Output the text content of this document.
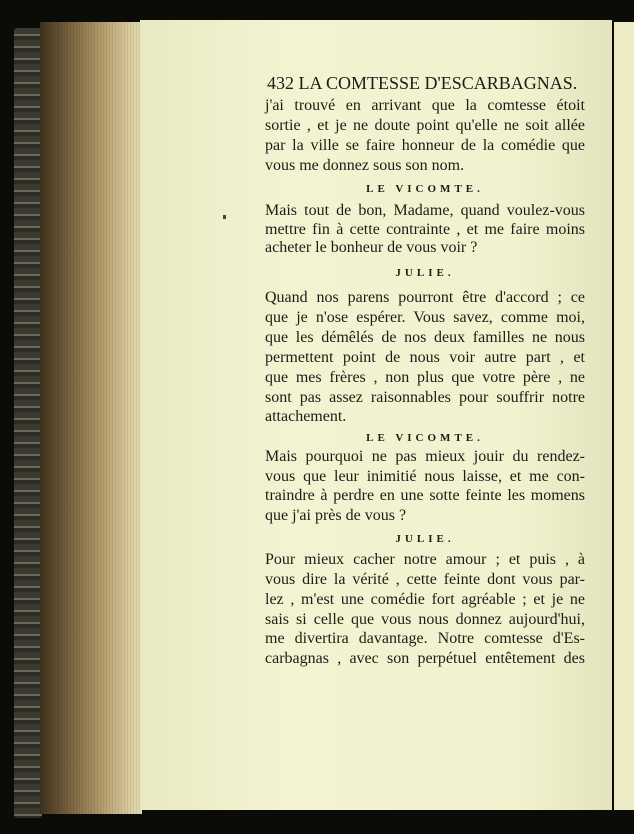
432 LA COMTESSE D'ESCARBAGNAS.
j'ai trouvé en arrivant que la comtesse étoit
sortie , et je ne doute point qu'elle ne soit allée
par la ville se faire honneur de la comédie que
vous me donnez sous son nom.
LE VICOMTE.
Mais tout de bon, Madame, quand voulez-vous
mettre fin à cette contrainte , et me faire moins
acheter le bonheur de vous voir ?
JULIE.
Quand nos parens pourront être d'accord ; ce
que je n'ose espérer. Vous savez, comme moi,
que les démêlés de nos deux familles ne nous
permettent point de nous voir autre part , et
que mes frères , non plus que votre père , ne
sont pas assez raisonnables pour souffrir notre
attachement.
LE VICOMTE.
Mais pourquoi ne pas mieux jouir du rendez-
vous que leur inimitié nous laisse, et me con-
traindre à perdre en une sotte feinte les momens
que j'ai près de vous ?
JULIE.
Pour mieux cacher notre amour ; et puis , à
vous dire la vérité , cette feinte dont vous par-
lez , m'est une comédie fort agréable ; et je ne
sais si celle que vous nous donnez aujourd'hui,
me divertira davantage. Notre comtesse d'Es-
carbagnas , avec son perpétuel entêtement des
